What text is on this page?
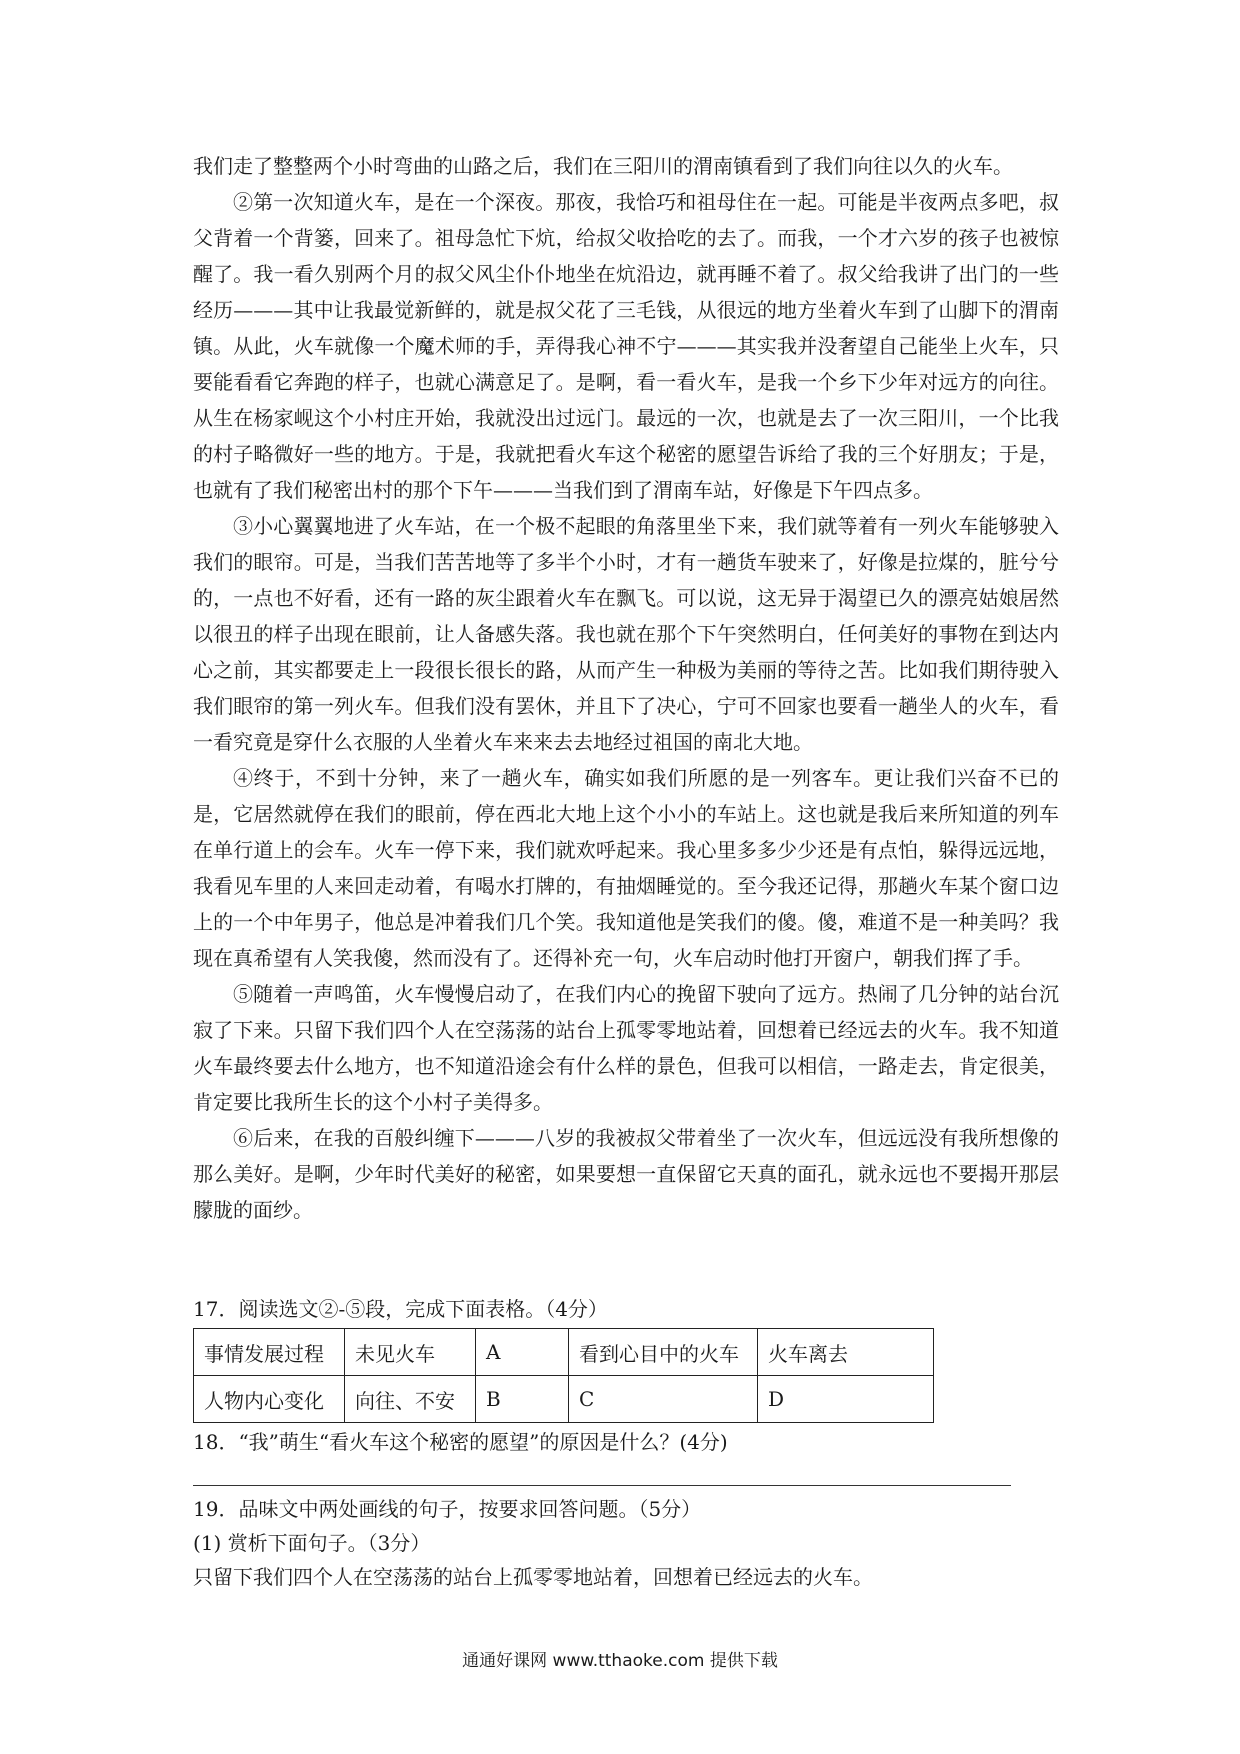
我们走了整整两个小时弯曲的山路之后，我们在三阳川的渭南镇看到了我们向往以久的火车。

②第一次知道火车，是在一个深夜。那夜，我恰巧和祖母住在一起。可能是半夜两点多吧，叔父背着一个背篓，回来了。祖母急忙下炕，给叔父收拾吃的去了。而我，一个才六岁的孩子也被惊醒了。我一看久别两个月的叔父风尘仆仆地坐在炕沿边，就再睡不着了。叔父给我讲了出门的一些经历———其中让我最觉新鲜的，就是叔父花了三毛钱，从很远的地方坐着火车到了山脚下的渭南镇。从此，火车就像一个魔术师的手，弄得我心神不宁———其实我并没奢望自己能坐上火车，只要能看看它奔跑的样子，也就心满意足了。是啊，看一看火车，是我一个乡下少年对远方的向往。从生在杨家岘这个小村庄开始，我就没出过远门。最远的一次，也就是去了一次三阳川，一个比我的村子略微好一些的地方。于是，我就把看火车这个秘密的愿望告诉给了我的三个好朋友；于是，也就有了我们秘密出村的那个下午———当我们到了渭南车站，好像是下午四点多。

③小心翼翼地进了火车站，在一个极不起眼的角落里坐下来，我们就等着有一列火车能够驶入我们的眼帘。可是，当我们苦苦地等了多半个小时，才有一趟货车驶来了，好像是拉煤的，脏兮兮的，一点也不好看，还有一路的灰尘跟着火车在飘飞。可以说，这无异于渴望已久的漂亮姑娘居然以很丑的样子出现在眼前，让人备感失落。我也就在那个下午突然明白，任何美好的事物在到达内心之前，其实都要走上一段很长很长的路，从而产生一种极为美丽的等待之苦。比如我们期待驶入我们眼帘的第一列火车。但我们没有罢休，并且下了决心，宁可不回家也要看一趟坐人的火车，看一看究竟是穿什么衣服的人坐着火车来来去去地经过祖国的南北大地。

④终于，不到十分钟，来了一趟火车，确实如我们所愿的是一列客车。更让我们兴奋不已的是，它居然就停在我们的眼前，停在西北大地上这个小小的车站上。这也就是我后来所知道的列车在单行道上的会车。火车一停下来，我们就欢呼起来。我心里多多少少还是有点怕，躲得远远地，我看见车里的人来回走动着，有喝水打牌的，有抽烟睡觉的。至今我还记得，那趟火车某个窗口边上的一个中年男子，他总是冲着我们几个笑。我知道他是笑我们的傻。傻，难道不是一种美吗？我现在真希望有人笑我傻，然而没有了。还得补充一句，火车启动时他打开窗户，朝我们挥了手。

⑤随着一声鸣笛，火车慢慢启动了，在我们内心的挽留下驶向了远方。热闹了几分钟的站台沉寂了下来。只留下我们四个人在空荡荡的站台上孤零零地站着，回想着已经远去的火车。我不知道火车最终要去什么地方，也不知道沿途会有什么样的景色，但我可以相信，一路走去，肯定很美，肯定要比我所生长的这个小村子美得多。

⑥后来，在我的百般纠缠下———八岁的我被叔父带着坐了一次火车，但远远没有我所想像的那么美好。是啊，少年时代美好的秘密，如果要想一直保留它天真的面孔，就永远也不要揭开那层朦胧的面纱。

17．阅读选文②-⑤段，完成下面表格。（4分）

事情发展过程	未见火车	A	看到心目中的火车	火车离去
人物内心变化	向往、不安	B	C	D

18．“我”萌生“看火车这个秘密的愿望”的原因是什么？(4分)

19．品味文中两处画线的句子，按要求回答问题。（5分）

(1) 赏析下面句子。（3分）

只留下我们四个人在空荡荡的站台上孤零零地站着，回想着已经远去的火车。

通通好课网 www.tthaoke.com 提供下载
